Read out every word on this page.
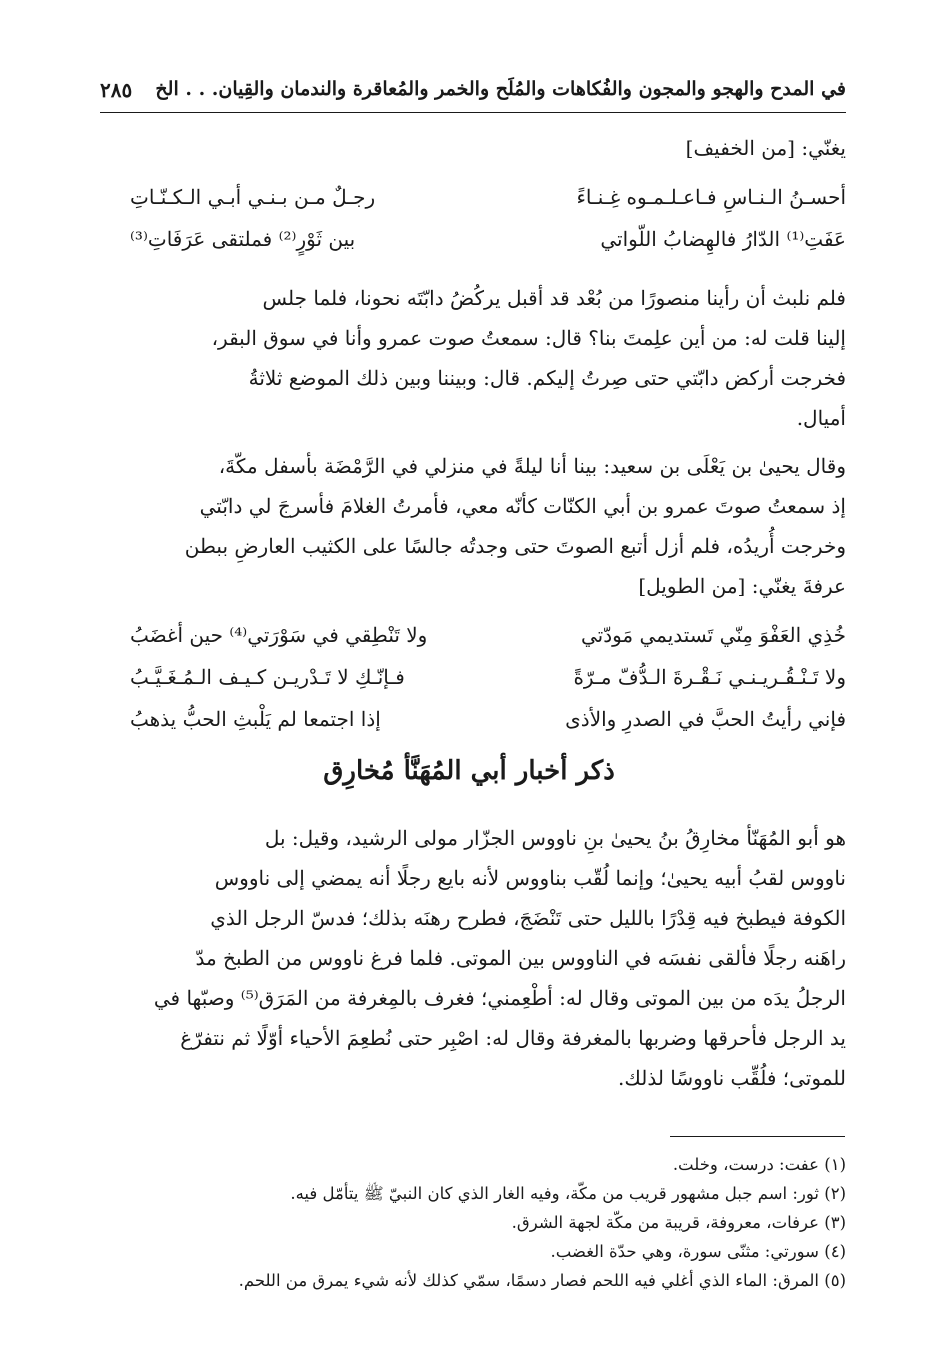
في المدح والهجو والمجون والفُكاهات والمُلَح والخمر والمُعاقرة والندمان والقِيان. . . الخ
٢٨٥
يغنّي: [من الخفيف]
أحسـنُ الـنـاسِ فـاعـلـمـوه غِـنـاءً
رجـلٌ مـن بـنـي أبـي الـكـنّـاتِ
عَفَتِ⁽¹⁾ الدّارُ فالهِضابُ اللّواتي
بين ثَوْرٍ⁽²⁾ فملتقى عَرَفَاتِ⁽³⁾
فلم نلبث أن رأينا منصورًا من بُعْد قد أقبل يركُضُ دابّتَه نحونا، فلما جلس
إلينا قلت له: من أين علِمتَ بنا؟ قال: سمعتُ صوت عمرو وأنا في سوق البقر،
فخرجت أركض دابّتي حتى صِرتُ إليكم. قال: وبيننا وبين ذلك الموضع ثلاثةُ
أميال.
وقال يحيىٰ بن يَعْلَى بن سعيد: بينا أنا ليلةً في منزلي في الرَّمْضَة بأسفل مكّةَ،
إذ سمعتُ صوتَ عمرو بن أبي الكنّات كأنّه معي، فأمرتُ الغلامَ فأسرجَ لي دابّتي
وخرجت أُريدُه، فلم أزل أتبع الصوتَ حتى وجدتُه جالسًا على الكثيب العارضِ ببطن
عرفةَ يغنّي: [من الطويل]
خُذِي العَفْوَ مِنّي تَستديمي مَودّتي
ولا تَنْطِقي في سَوْرَتي⁽⁴⁾ حين أغضَبُ
ولا تَـنْـقُـريـنـي نَـقْـرةَ الـدُّفّ مـرّةً
فـإنّـكِ لا تَـدْريـن كـيـف الـمُـغَـيَّـبُ
فإني رأيتُ الحبَّ في الصدرِ والأذى
إذا اجتمعا لم يَلْبثِ الحبُّ يذهبُ
ذكر أخبار أبي المُهَنَّأ مُخارِق
هو أبو المُهَنّأ مخارِقُ بنُ يحيىٰ بنِ ناووس الجزّار مولى الرشيد، وقيل: بل
ناووس لقبُ أبيه يحيىٰ؛ وإنما لُقّب بناووس لأنه بايع رجلًا أنه يمضي إلى ناووس
الكوفة فيطبخ فيه قِدْرًا بالليل حتى تَنْضَجَ، فطرح رهنَه بذلك؛ فدسّ الرجل الذي
راهَنه رجلًا فألقى نفسَه في الناووس بين الموتى. فلما فرغ ناووس من الطبخ مدّ
الرجلُ يدَه من بين الموتى وقال له: أطْعِمني؛ فغرف بالمِغرفة من المَرَق⁽⁵⁾ وصبّها في
يد الرجل فأحرقها وضربها بالمغرفة وقال له: اصْبِر حتى نُطعِمَ الأحياء أوّلًا ثم نتفرّغ
للموتى؛ فلُقِّب ناووسًا لذلك.
(١) عفت: درست، وخلت.
(٢) ثور: اسم جبل مشهور قريب من مكّة، وفيه الغار الذي كان النبيّ ﷺ يتأمّل فيه.
(٣) عرفات، معروفة، قريبة من مكّة لجهة الشرق.
(٤) سورتي: مثنّى سورة، وهي حدّة الغضب.
(٥) المرق: الماء الذي أغلي فيه اللحم فصار دسمًا، سمّي كذلك لأنه شيء يمرق من اللحم.
